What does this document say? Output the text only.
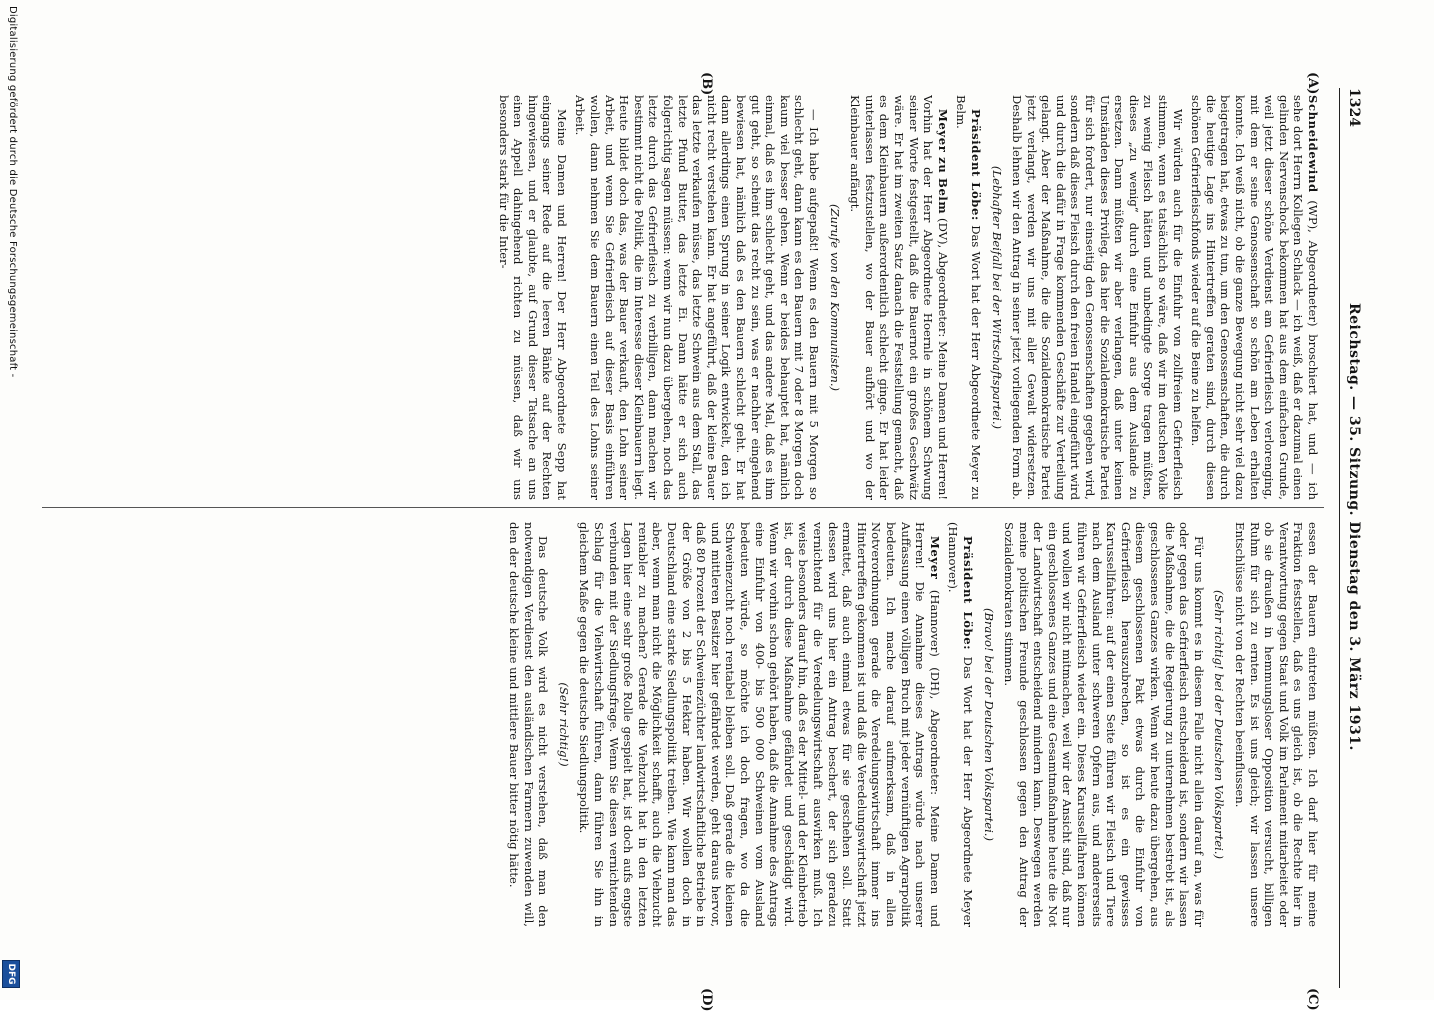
1324
Reichstag. — 35. Sitzung. Dienstag den 3. März 1931.
(A)
(B)
(C)
(D)

Schneidewind (WP), Abgeordneter) broschiert hat, und — ich sehe dort Herrn Kollegen Schlack — ich weiß, daß er dazumal einen gelinden Nervenschock bekommen hat aus dem einfachen Grunde, weil jetzt dieser schöne Verdienst am Gefrierfleisch verlorenging, mit dem er seine Genossenschaft so schön am Leben erhalten konnte. Ich weiß nicht, ob die ganze Bewegung nicht sehr viel dazu beigetragen hat, etwas zu tun, um den Genossenschaften, die durch die heutige Lage ins Hintertreffen geraten sind, durch diesen schönen Gefrierfleischfonds wieder auf die Beine zu helfen.

Wir würden auch für die Einfuhr von zollfreiem Gefrierfleisch stimmen, wenn es tatsächlich so wäre, daß wir im deutschen Volke zu wenig Fleisch hätten und unbedingte Sorge tragen müßten, dieses „zu wenig“ durch eine Einfuhr aus dem Auslande zu ersetzen. Dann müßten wir aber verlangen, daß unter keinen Umständen dieses Privileg, das hier die Sozialdemokratische Partei für sich fordert, nur einseitig den Genossenschaften gegeben wird, sondern daß dieses Fleisch durch den freien Handel eingeführt wird und durch die dafür in Frage kommenden Geschäfte zur Verteilung gelangt. Aber der Maßnahme, die die Sozialdemokratische Partei jetzt verlangt, werden wir uns mit aller Gewalt widersetzen. Deshalb lehnen wir den Antrag in seiner jetzt vorliegenden Form ab.

(Lebhafter Beifall bei der Wirtschaftspartei.)

Präsident Löbe: Das Wort hat der Herr Abgeordnete Meyer zu Belm.

Meyer zu Belm (DV), Abgeordneter: Meine Damen und Herren! Vorhin hat der Herr Abgeordnete Hoernle in schönem Schwung seiner Worte festgestellt, daß die Bauernot ein großes Geschwätz wäre. Er hat im zweiten Satz danach die Feststellung gemacht, daß es dem Kleinbauern außerordentlich schlecht ginge. Er hat leider unterlassen festzustellen, wo der Bauer aufhört und wo der Kleinbauer anfängt.

(Zurufe von den Kommunisten.)

— Ich habe aufgepaßt! Wenn es den Bauern mit 5 Morgen so schlecht geht, dann kann es den Bauern mit 7 oder 8 Morgen doch kaum viel besser gehen. Wenn er beides behauptet hat, nämlich einmal, daß es ihm schlecht geht, und das andere Mal, daß es ihm gut geht, so scheint das recht zu sein, was er nachher eingehend bewiesen hat, nämlich daß es den Bauern schlecht geht. Er hat dann allerdings einen Sprung in seiner Logik entwickelt, den ich nicht recht verstehen kann. Er hat angeführt, daß der kleine Bauer das letzte verkaufen müsse, das letzte Schwein aus dem Stall, das letzte Pfund Butter, das letzte Ei. Dann hätte er sich auch folgerichtig sagen müssen: wenn wir nun dazu übergehen, noch das letzte durch das Gefrierfleisch zu verbilligen, dann machen wir bestimmt nicht die Politik, die im Interesse dieser Kleinbauern liegt. Heute bildet doch das, was der Bauer verkauft, den Lohn seiner Arbeit, und wenn Sie Gefrierfleisch auf dieser Basis einführen wollen, dann nehmen Sie dem Bauern einen Teil des Lohns seiner Arbeit.

Meine Damen und Herren! Der Herr Abgeordnete Sepp hat eingangs seiner Rede auf die leeren Bänke auf der Rechten hingewiesen, und er glaubte, auf Grund dieser Tatsache an uns einen Appell dahingehend richten zu müssen, daß wir uns besonders stark für die Inter-

essen der Bauern eintreten müßten. Ich darf hier für meine Fraktion feststellen, daß es uns gleich ist, ob die Rechte hier in Verantwortung gegen Staat und Volk im Parlament mitarbeitet oder ob sie draußen in hemmungsloser Opposition versucht, billigen Ruhm für sich zu ernten. Es ist uns gleich; wir lassen unsere Entschlüsse nicht von der Rechten beeinflussen.

(Sehr richtig! bei der Deutschen Volkspartei.)

Für uns kommt es in diesem Falle nicht allein darauf an, was für oder gegen das Gefrierfleisch entscheidend ist, sondern wir lassen die Maßnahme, die die Regierung zu unternehmen bestrebt ist, als geschlossenes Ganzes wirken. Wenn wir heute dazu übergehen, aus diesem geschlossenen Pakt etwas durch die Einfuhr von Gefrierfleisch herauszubrechen, so ist es ein gewisses Karussellfahren: auf der einen Seite führen wir Fleisch und Tiere nach dem Ausland unter schweren Opfern aus, und andererseits führen wir Gefrierfleisch wieder ein. Dieses Karussellfahren können und wollen wir nicht mitmachen, weil wir der Ansicht sind, daß nur ein geschlossenes Ganzes und eine Gesamtmaßnahme heute die Not der Landwirtschaft entscheidend mindern kann. Deswegen werden meine politischen Freunde geschlossen gegen den Antrag der Sozialdemokraten stimmen.

(Bravo! bei der Deutschen Volkspartei.)

Präsident Löbe: Das Wort hat der Herr Abgeordnete Meyer (Hannover).

Meyer (Hannover) (DH), Abgeordneter: Meine Damen und Herren! Die Annahme dieses Antrags würde nach unserer Auffassung einen völligen Bruch mit jeder vernünftigen Agrarpolitik bedeuten. Ich mache darauf aufmerksam, daß in allen Notverordnungen gerade die Veredelungswirtschaft immer ins Hintertreffen gekommen ist und daß die Veredelungswirtschaft jetzt ermattet, daß auch einmal etwas für sie geschehen soll. Statt dessen wird uns hier ein Antrag beschert, der sich geradezu vernichtend für die Veredelungswirtschaft auswirken muß. Ich weise besonders darauf hin, daß es der Mittel- und der Kleinbetrieb ist, der durch diese Maßnahme gefährdet und geschädigt wird. Wenn wir vorhin schon gehört haben, daß die Annahme des Antrags eine Einfuhr von 400- bis 500 000 Schweinen vom Ausland bedeuten würde, so möchte ich doch fragen, wo da die Schweinezucht noch rentabel bleiben soll. Daß gerade die kleinen und mittleren Besitzer hier gefährdet werden, geht daraus hervor, daß 80 Prozent der Schweinezüchter landwirtschaftliche Betriebe in der Größe von 2 bis 5 Hektar haben. Wir wollen doch in Deutschland eine starke Siedlungspolitik treiben. Wie kann man das aber, wenn man nicht die Möglichkeit schafft, auch die Viehzucht rentabler zu machen? Gerade die Viehzucht hat in den letzten Lagen hier eine sehr große Rolle gespielt hat, ist doch aufs engste verbunden mit der Siedlungsfrage. Wenn Sie diesen vernichtenden Schlag für die Viehwirtschaft führen, dann führen Sie ihn in gleichem Maße gegen die deutsche Siedlungspolitik.

(Sehr richtig!)

Das deutsche Volk wird es nicht verstehen, daß man den notwendigen Verdienst den ausländischen Farmern zuwenden will, den der deutsche kleine und mittlere Bauer bitter nötig hätte.

Digitalisierung gefördert durch die Deutsche Forschungsgemeinschaft -
DFG
